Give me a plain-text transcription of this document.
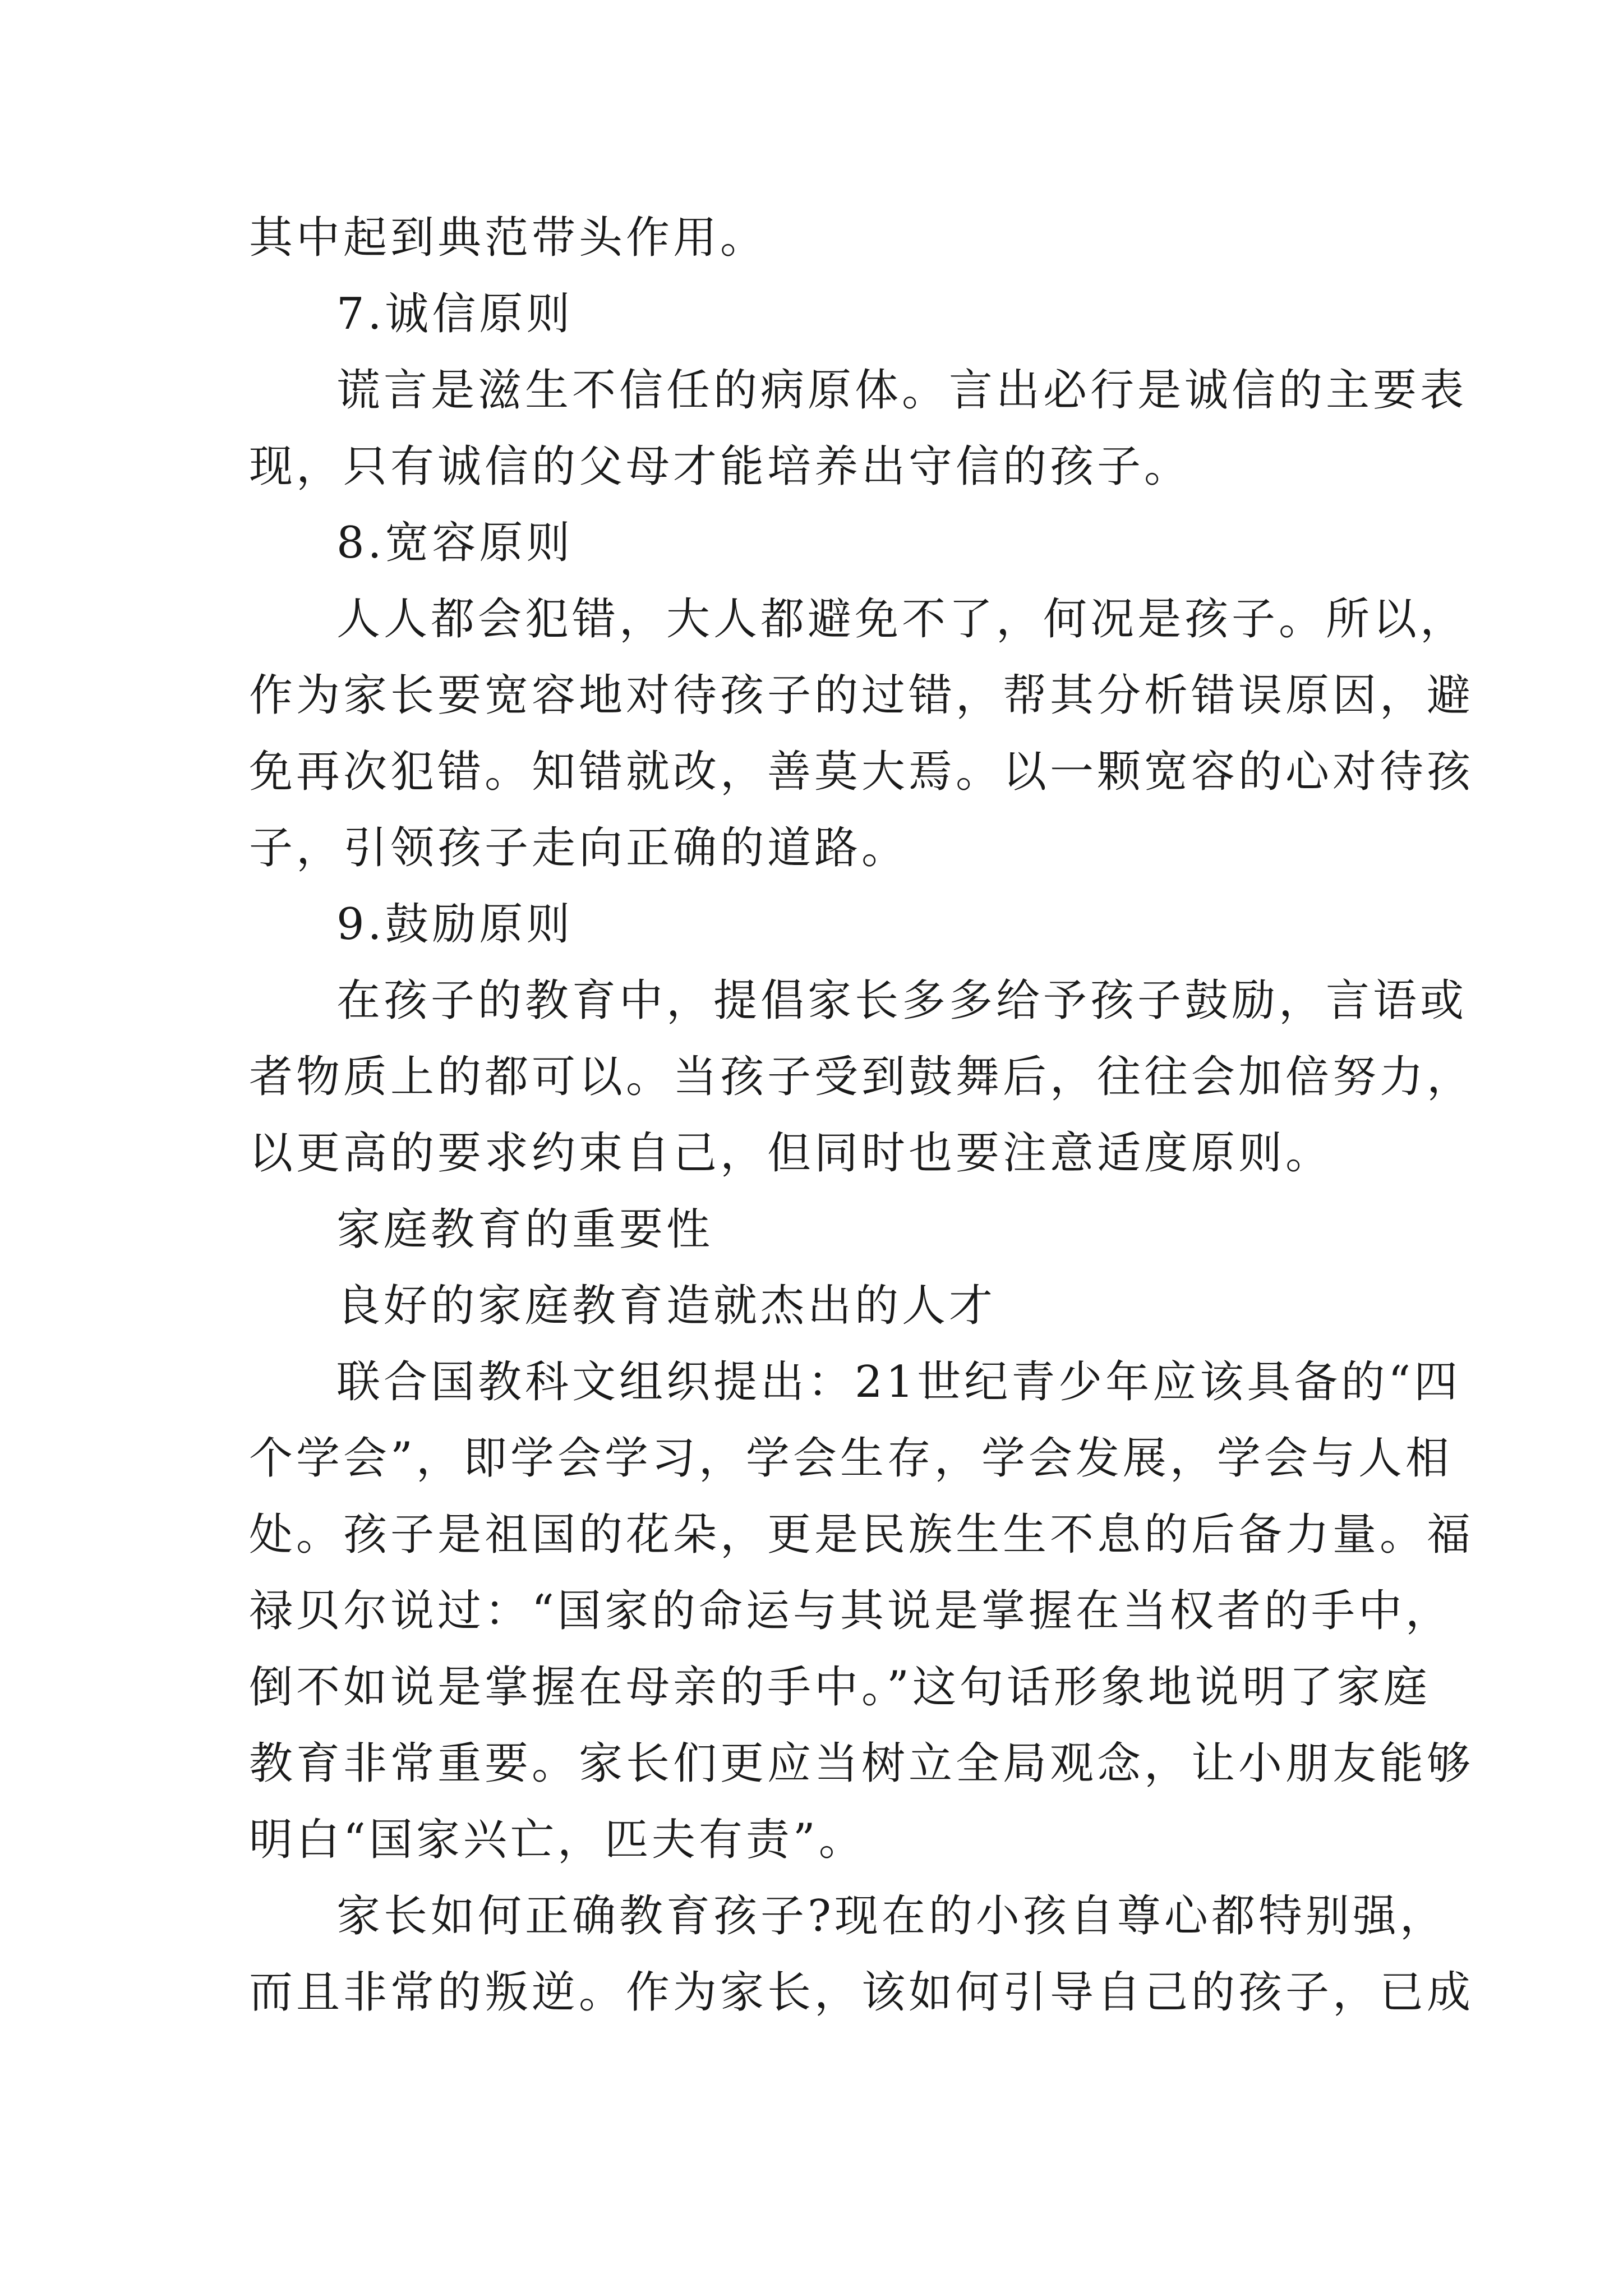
其中起到典范带头作用。
7.诚信原则
谎言是滋生不信任的病原体。言出必行是诚信的主要表
现，只有诚信的父母才能培养出守信的孩子。
8.宽容原则
人人都会犯错，大人都避免不了，何况是孩子。所以，
作为家长要宽容地对待孩子的过错，帮其分析错误原因，避
免再次犯错。知错就改，善莫大焉。以一颗宽容的心对待孩
子，引领孩子走向正确的道路。
9.鼓励原则
在孩子的教育中，提倡家长多多给予孩子鼓励，言语或
者物质上的都可以。当孩子受到鼓舞后，往往会加倍努力，
以更高的要求约束自己，但同时也要注意适度原则。
家庭教育的重要性
良好的家庭教育造就杰出的人才
联合国教科文组织提出：21世纪青少年应该具备的“四
个学会”，即学会学习，学会生存，学会发展，学会与人相
处。孩子是祖国的花朵，更是民族生生不息的后备力量。福
禄贝尔说过：“国家的命运与其说是掌握在当权者的手中，
倒不如说是掌握在母亲的手中。”这句话形象地说明了家庭
教育非常重要。家长们更应当树立全局观念，让小朋友能够
明白“国家兴亡，匹夫有责”。
家长如何正确教育孩子?现在的小孩自尊心都特别强，
而且非常的叛逆。作为家长，该如何引导自己的孩子，已成
